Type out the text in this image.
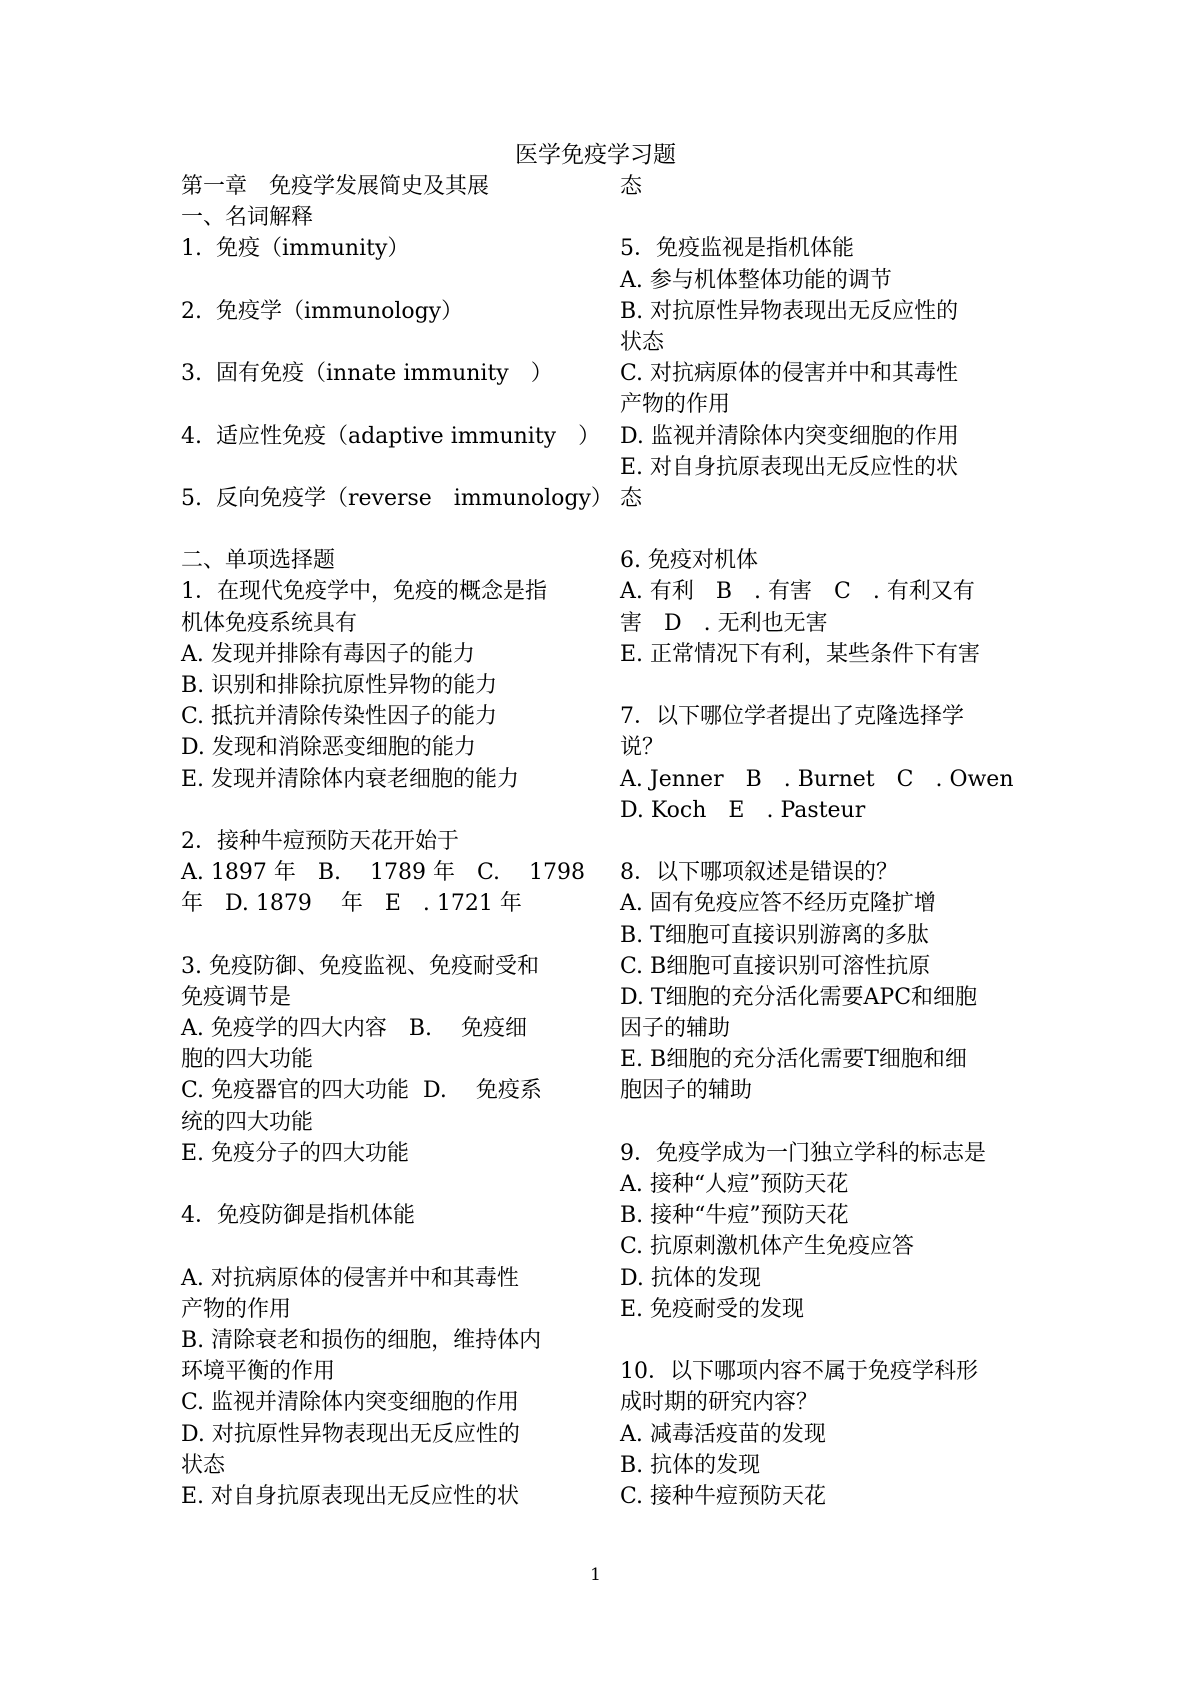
医学免疫学习题
第一章　免疫学发展简史及其展
一、名词解释
1.  免疫（immunity）
2.  免疫学（immunology）
3.  固有免疫（innate immunity　）
4.  适应性免疫（adaptive immunity　）
5.  反向免疫学（reverse　immunology）
二、单项选择题
1．在现代免疫学中，免疫的概念是指
机体免疫系统具有
A. 发现并排除有毒因子的能力
B. 识别和排除抗原性异物的能力
C. 抵抗并清除传染性因子的能力
D. 发现和消除恶变细胞的能力
E. 发现并清除体内衰老细胞的能力
2．接种牛痘预防天花开始于
A. 1897 年　B.　 1789 年　C.　 1798
年　D. 1879　 年　E　. 1721 年
3. 免疫防御、免疫监视、免疫耐受和
免疫调节是
A. 免疫学的四大内容　B.　 免疫细
胞的四大功能
C. 免疫器官的四大功能  D.　 免疫系
统的四大功能
E. 免疫分子的四大功能
4．免疫防御是指机体能
A. 对抗病原体的侵害并中和其毒性
产物的作用
B. 清除衰老和损伤的细胞，维持体内
环境平衡的作用
C. 监视并清除体内突变细胞的作用
D. 对抗原性异物表现出无反应性的
状态
E. 对自身抗原表现出无反应性的状
态
5．免疫监视是指机体能
A. 参与机体整体功能的调节
B. 对抗原性异物表现出无反应性的
状态
C. 对抗病原体的侵害并中和其毒性
产物的作用
D. 监视并清除体内突变细胞的作用
E. 对自身抗原表现出无反应性的状
态
6. 免疫对机体
A. 有利　B　. 有害　C　. 有利又有
害　D　. 无利也无害
E. 正常情况下有利，某些条件下有害
7．以下哪位学者提出了克隆选择学
说？
A. Jenner　B　. Burnet　C　. Owen
D. Koch　E　. Pasteur
8．以下哪项叙述是错误的？
A. 固有免疫应答不经历克隆扩增
B. T细胞可直接识别游离的多肽
C. B细胞可直接识别可溶性抗原
D. T细胞的充分活化需要APC和细胞
因子的辅助
E. B细胞的充分活化需要T细胞和细
胞因子的辅助
9．免疫学成为一门独立学科的标志是
A. 接种“人痘”预防天花
B. 接种“牛痘”预防天花
C. 抗原刺激机体产生免疫应答
D. 抗体的发现
E. 免疫耐受的发现
10．以下哪项内容不属于免疫学科形
成时期的研究内容？
A. 减毒活疫苗的发现
B. 抗体的发现
C. 接种牛痘预防天花
1
